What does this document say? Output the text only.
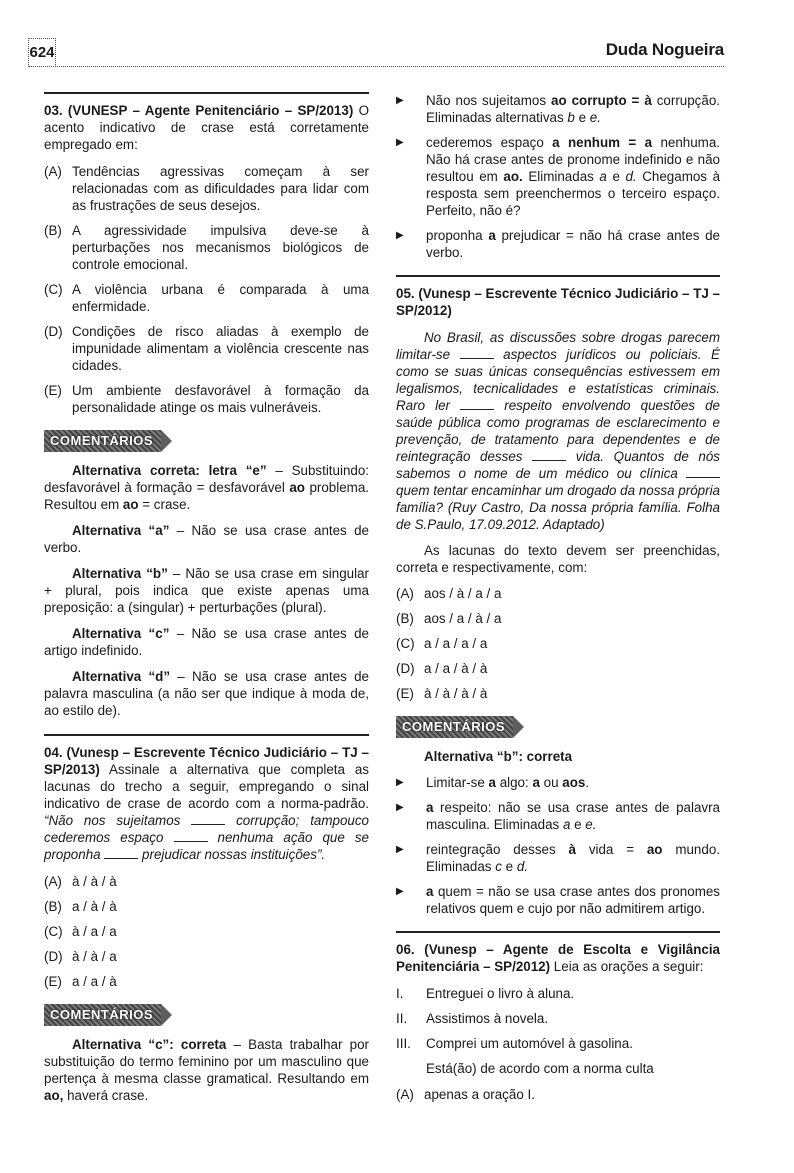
624	Duda Nogueira
03. (VUNESP – Agente Penitenciário – SP/2013) O acento indicativo de crase está corretamente empregado em:
(A) Tendências agressivas começam à ser relacionadas com as dificuldades para lidar com as frustrações de seus desejos.
(B) A agressividade impulsiva deve-se à perturbações nos mecanismos biológicos de controle emocional.
(C) A violência urbana é comparada à uma enfermidade.
(D) Condições de risco aliadas à exemplo de impunidade alimentam a violência crescente nas cidades.
(E) Um ambiente desfavorável à formação da personalidade atinge os mais vulneráveis.
COMENTÁRIOS

Alternativa correta: letra “e” – Substituindo: desfavorável à formação = desfavorável ao problema. Resultou em ao = crase.

Alternativa “a” – Não se usa crase antes de verbo.

Alternativa “b” – Não se usa crase em singular + plural, pois indica que existe apenas uma preposição: a (singular) + perturbações (plural).

Alternativa “c” – Não se usa crase antes de artigo indefinido.

Alternativa “d” – Não se usa crase antes de palavra masculina (a não ser que indique à moda de, ao estilo de).

04. (Vunesp – Escrevente Técnico Judiciário – TJ – SP/2013) Assinale a alternativa que completa as lacunas do trecho a seguir, empregando o sinal indicativo de crase de acordo com a norma-padrão. “Não nos sujeitamos	corrupção; tampouco cederemos espaço	nenhuma ação que se proponha	prejudicar nossas instituições”.
(A) à / à / à
(B) a / à / à
(C) à / a / a
(D) à / à / a
(E) a / a / à
COMENTÁRIOS

Alternativa “c”: correta – Basta trabalhar por substituição do termo feminino por um masculino que pertença à mesma classe gramatical. Resultando em ao, haverá crase.

▶	Não nos sujeitamos ao corrupto = à corrupção. Eliminadas alternativas b e e.
▶	cederemos espaço a nenhum = a nenhuma. Não há crase antes de pronome indefinido e não resultou em ao. Eliminadas a e d. Chegamos à resposta sem preenchermos o terceiro espaço. Perfeito, não é?
▶	proponha a prejudicar = não há crase antes de verbo.
05. (Vunesp – Escrevente Técnico Judiciário – TJ – SP/2012)

No Brasil, as discussões sobre drogas parecem limitar-se	aspectos jurídicos ou policiais. É como se suas únicas consequências estivessem em legalismos, tecnicalidades e estatísticas criminais. Raro ler	respeito envolvendo questões de saúde pública como programas de esclarecimento e prevenção, de tratamento para dependentes e de reintegração desses	vida. Quantos de nós sabemos o nome de um médico ou clínica  quem tentar encaminhar um drogado da nossa própria família? (Ruy Castro, Da nossa própria família. Folha de S.Paulo, 17.09.2012. Adaptado)

As lacunas do texto devem ser preenchidas, correta e respectivamente, com:

(A) aos / à / a / a
(B) aos / a / à / a
(C) a / a / a / a
(D) a / a / à / à
(E) à / à / à / à
COMENTÁRIOS

Alternativa “b”: correta

▶	Limitar-se a algo: a ou aos.
▶	a respeito: não se usa crase antes de palavra masculina. Eliminadas a e e.
▶	reintegração desses à vida = ao mundo. Eliminadas c e d.
▶	a quem = não se usa crase antes dos pronomes relativos quem e cujo por não admitirem artigo.
06. (Vunesp – Agente de Escolta e Vigilância Penitenciária – SP/2012) Leia as orações a seguir:
I.	Entreguei o livro à aluna.
II.	Assistimos à novela.
III.	Comprei um automóvel à gasolina.

Está(ão) de acordo com a norma culta

(A) apenas a oração I.
